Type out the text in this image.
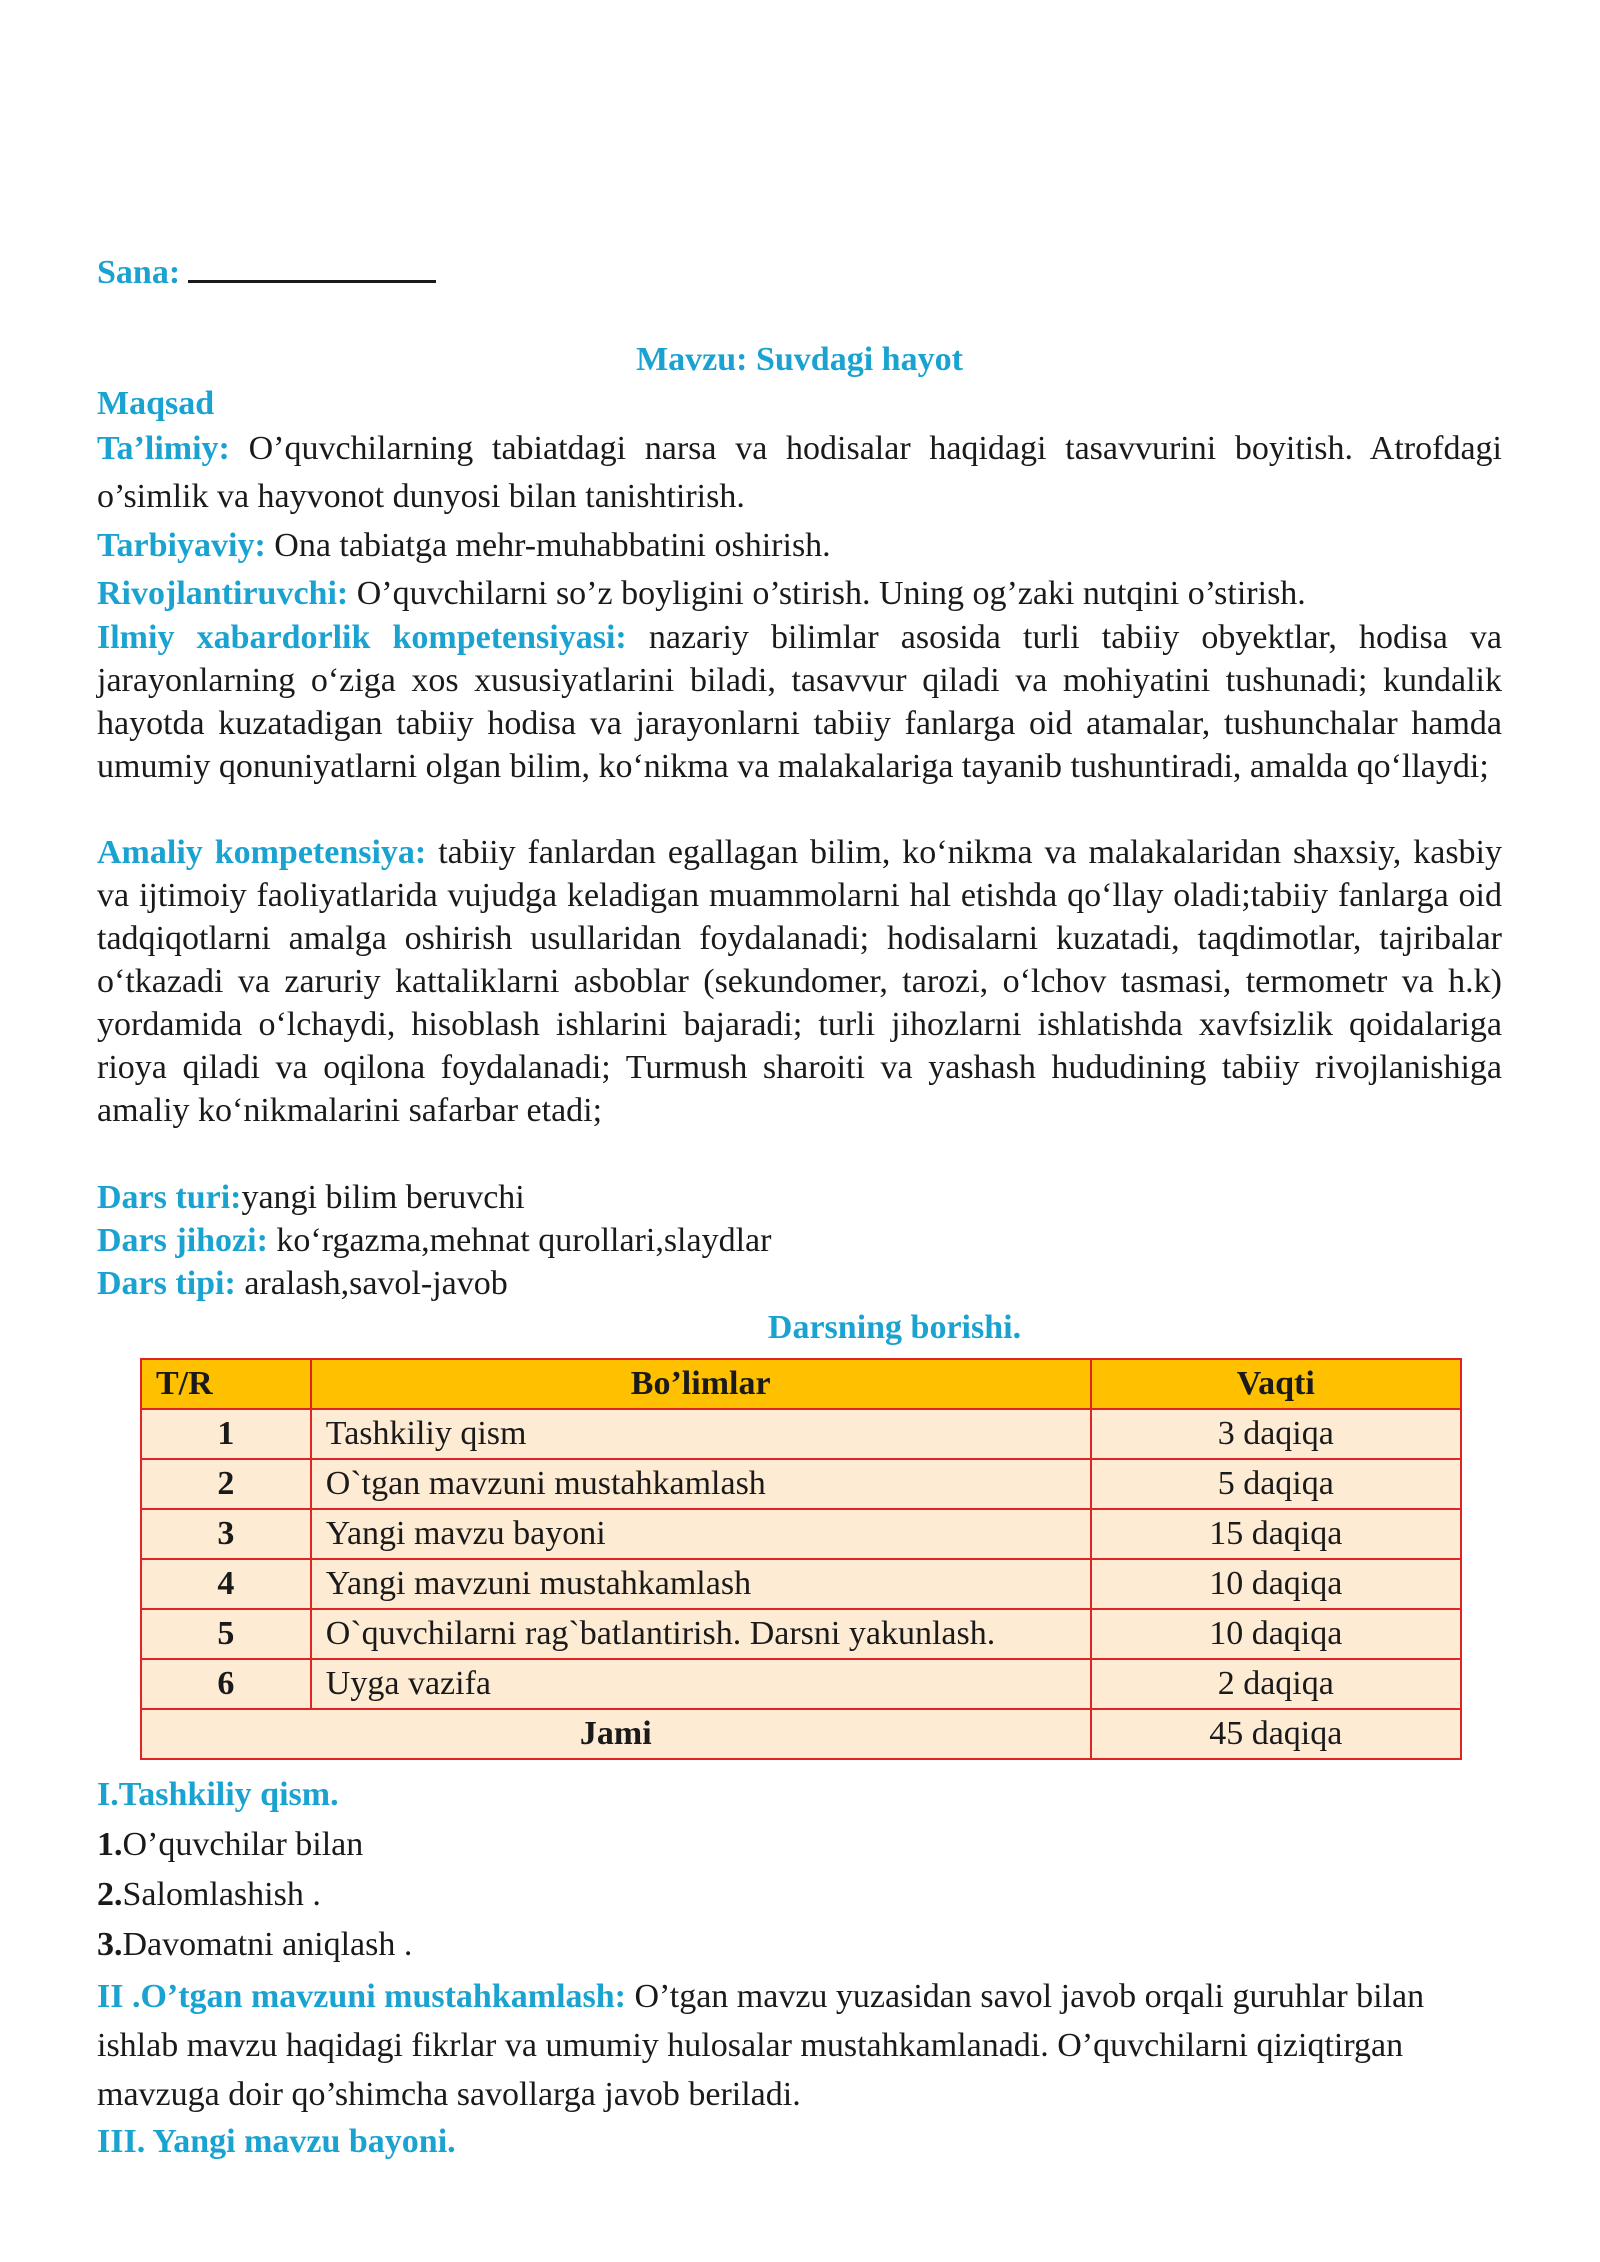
Sana:
Mavzu: Suvdagi hayot
Maqsad
Ta’limiy: O’quvchilarning tabiatdagi narsa va hodisalar haqidagi tasavvurini boyitish. Atrofdagi o’simlik va hayvonot dunyosi bilan tanishtirish.
Tarbiyaviy: Ona tabiatga mehr-muhabbatini oshirish.
Rivojlantiruvchi: O’quvchilarni so’z boyligini o’stirish. Uning og’zaki nutqini o’stirish.
Ilmiy xabardorlik kompetensiyasi: nazariy bilimlar asosida turli tabiiy obyektlar, hodisa va jarayonlarning o‘ziga xos xususiyatlarini biladi, tasavvur qiladi va mohiyatini tushunadi; kundalik hayotda kuzatadigan tabiiy hodisa va jarayonlarni tabiiy fanlarga oid atamalar, tushunchalar hamda umumiy qonuniyatlarni olgan bilim, ko‘nikma va malakalariga tayanib tushuntiradi, amalda qo‘llaydi;
Amaliy kompetensiya: tabiiy fanlardan egallagan bilim, ko‘nikma va malakalaridan shaxsiy, kasbiy va ijtimoiy faoliyatlarida vujudga keladigan muammolarni hal etishda qo‘llay oladi;tabiiy fanlarga oid tadqiqotlarni amalga oshirish usullaridan foydalanadi; hodisalarni kuzatadi, taqdimotlar, tajribalar o‘tkazadi va zaruriy kattaliklarni asboblar (sekundomer, tarozi, o‘lchov tasmasi, termometr va h.k) yordamida o‘lchaydi, hisoblash ishlarini bajaradi; turli jihozlarni ishlatishda xavfsizlik qoidalariga rioya qiladi va oqilona foydalanadi; Turmush sharoiti va yashash hududining tabiiy rivojlanishiga amaliy ko‘nikmalarini safarbar etadi;
Dars turi:yangi bilim beruvchi
Dars jihozi: ko‘rgazma,mehnat qurollari,slaydlar
Dars tipi: aralash,savol-javob
Darsning borishi.
T/R	Bo’limlar	Vaqti
1	Tashkiliy qism	3 daqiqa
2	O`tgan mavzuni mustahkamlash	5 daqiqa
3	Yangi mavzu bayoni	15 daqiqa
4	Yangi mavzuni mustahkamlash	10 daqiqa
5	O`quvchilarni rag`batlantirish. Darsni yakunlash.	10 daqiqa
6	Uyga vazifa	2 daqiqa
Jami		45 daqiqa
I.Tashkiliy qism.
1.O’quvchilar bilan
2.Salomlashish .
3.Davomatni aniqlash .
II .O’tgan mavzuni mustahkamlash: O’tgan mavzu yuzasidan savol javob orqali guruhlar bilan ishlab mavzu haqidagi fikrlar va umumiy hulosalar mustahkamlanadi. O’quvchilarni qiziqtirgan mavzuga doir qo’shimcha savollarga javob beriladi.
III. Yangi mavzu bayoni.
